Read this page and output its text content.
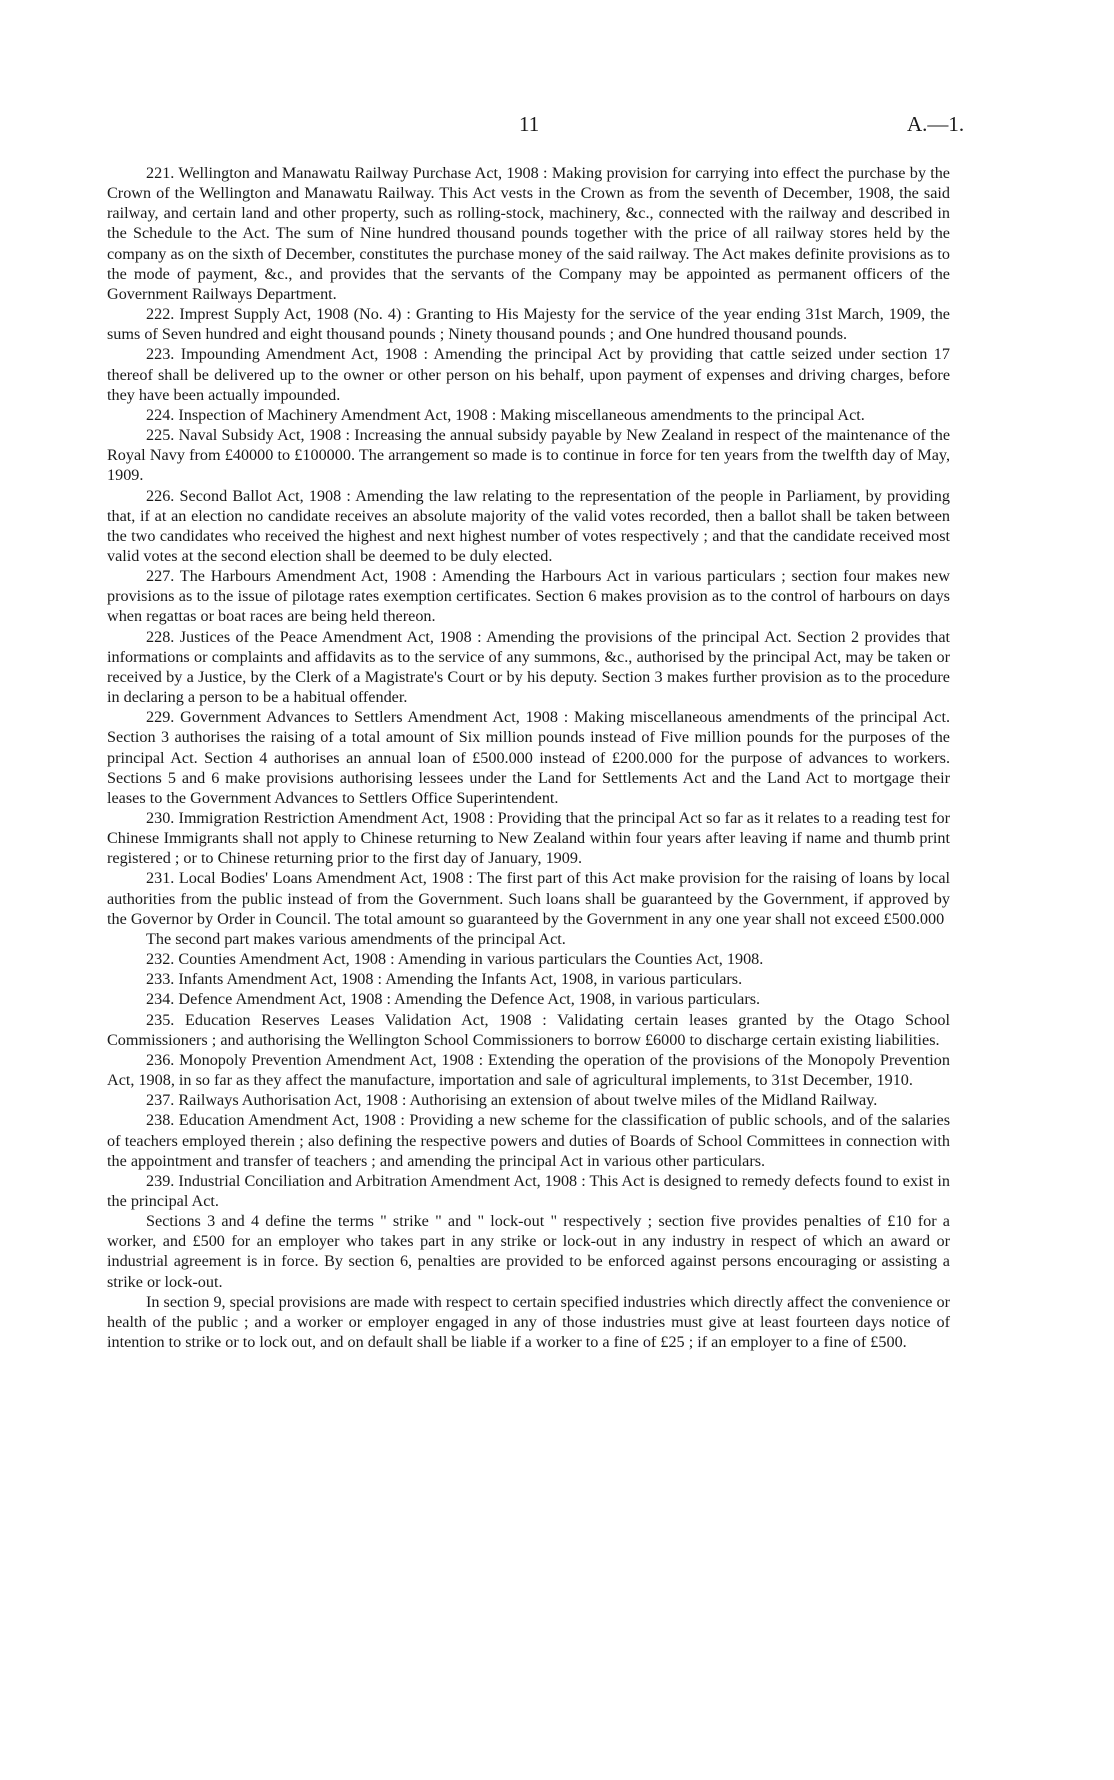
11	A.—1.

221. Wellington and Manawatu Railway Purchase Act, 1908 : Making provision for carrying into effect the purchase by the Crown of the Wellington and Manawatu Railway. This Act vests in the Crown as from the seventh of December, 1908, the said railway, and certain land and other property, such as rolling-stock, machinery, &c., connected with the railway and described in the Schedule to the Act. The sum of Nine hundred thousand pounds together with the price of all railway stores held by the company as on the sixth of December, constitutes the purchase money of the said railway. The Act makes definite provisions as to the mode of payment, &c., and provides that the servants of the Company may be appointed as permanent officers of the Government Railways Department.

222. Imprest Supply Act, 1908 (No. 4) : Granting to His Majesty for the service of the year ending 31st March, 1909, the sums of Seven hundred and eight thousand pounds ; Ninety thousand pounds ; and One hundred thousand pounds.

223. Impounding Amendment Act, 1908 : Amending the principal Act by providing that cattle seized under section 17 thereof shall be delivered up to the owner or other person on his behalf, upon payment of expenses and driving charges, before they have been actually impounded.

224. Inspection of Machinery Amendment Act, 1908 : Making miscellaneous amendments to the principal Act.

225. Naval Subsidy Act, 1908 : Increasing the annual subsidy payable by New Zealand in respect of the maintenance of the Royal Navy from £40000 to £100000. The arrangement so made is to continue in force for ten years from the twelfth day of May, 1909.

226. Second Ballot Act, 1908 : Amending the law relating to the representation of the people in Parliament, by providing that, if at an election no candidate receives an absolute majority of the valid votes recorded, then a ballot shall be taken between the two candidates who received the highest and next highest number of votes respectively ; and that the candidate received most valid votes at the second election shall be deemed to be duly elected.

227. The Harbours Amendment Act, 1908 : Amending the Harbours Act in various particulars ; section four makes new provisions as to the issue of pilotage rates exemption certificates. Section 6 makes provision as to the control of harbours on days when regattas or boat races are being held thereon.

228. Justices of the Peace Amendment Act, 1908 : Amending the provisions of the principal Act. Section 2 provides that informations or complaints and affidavits as to the service of any summons, &c., authorised by the principal Act, may be taken or received by a Justice, by the Clerk of a Magistrate's Court or by his deputy. Section 3 makes further provision as to the procedure in declaring a person to be a habitual offender.

229. Government Advances to Settlers Amendment Act, 1908 : Making miscellaneous amendments of the principal Act. Section 3 authorises the raising of a total amount of Six million pounds instead of Five million pounds for the purposes of the principal Act. Section 4 authorises an annual loan of £500.000 instead of £200.000 for the purpose of advances to workers. Sections 5 and 6 make provisions authorising lessees under the Land for Settlements Act and the Land Act to mortgage their leases to the Government Advances to Settlers Office Superintendent.

230. Immigration Restriction Amendment Act, 1908 : Providing that the principal Act so far as it relates to a reading test for Chinese Immigrants shall not apply to Chinese returning to New Zealand within four years after leaving if name and thumb print registered ; or to Chinese returning prior to the first day of January, 1909.

231. Local Bodies' Loans Amendment Act, 1908 : The first part of this Act make provision for the raising of loans by local authorities from the public instead of from the Government. Such loans shall be guaranteed by the Government, if approved by the Governor by Order in Council. The total amount so guaranteed by the Government in any one year shall not exceed £500.000

The second part makes various amendments of the principal Act.

232. Counties Amendment Act, 1908 : Amending in various particulars the Counties Act, 1908.

233. Infants Amendment Act, 1908 : Amending the Infants Act, 1908, in various particulars.

234. Defence Amendment Act, 1908 : Amending the Defence Act, 1908, in various particulars.

235. Education Reserves Leases Validation Act, 1908 : Validating certain leases granted by the Otago School Commissioners ; and authorising the Wellington School Commissioners to borrow £6000 to discharge certain existing liabilities.

236. Monopoly Prevention Amendment Act, 1908 : Extending the operation of the provisions of the Monopoly Prevention Act, 1908, in so far as they affect the manufacture, importation and sale of agricultural implements, to 31st December, 1910.

237. Railways Authorisation Act, 1908 : Authorising an extension of about twelve miles of the Midland Railway.

238. Education Amendment Act, 1908 : Providing a new scheme for the classification of public schools, and of the salaries of teachers employed therein ; also defining the respective powers and duties of Boards of School Committees in connection with the appointment and transfer of teachers ; and amending the principal Act in various other particulars.

239. Industrial Conciliation and Arbitration Amendment Act, 1908 : This Act is designed to remedy defects found to exist in the principal Act.

Sections 3 and 4 define the terms " strike " and " lock-out " respectively ; section five provides penalties of £10 for a worker, and £500 for an employer who takes part in any strike or lock-out in any industry in respect of which an award or industrial agreement is in force. By section 6, penalties are provided to be enforced against persons encouraging or assisting a strike or lock-out.

In section 9, special provisions are made with respect to certain specified industries which directly affect the convenience or health of the public ; and a worker or employer engaged in any of those industries must give at least fourteen days notice of intention to strike or to lock out, and on default shall be liable if a worker to a fine of £25 ; if an employer to a fine of £500.
